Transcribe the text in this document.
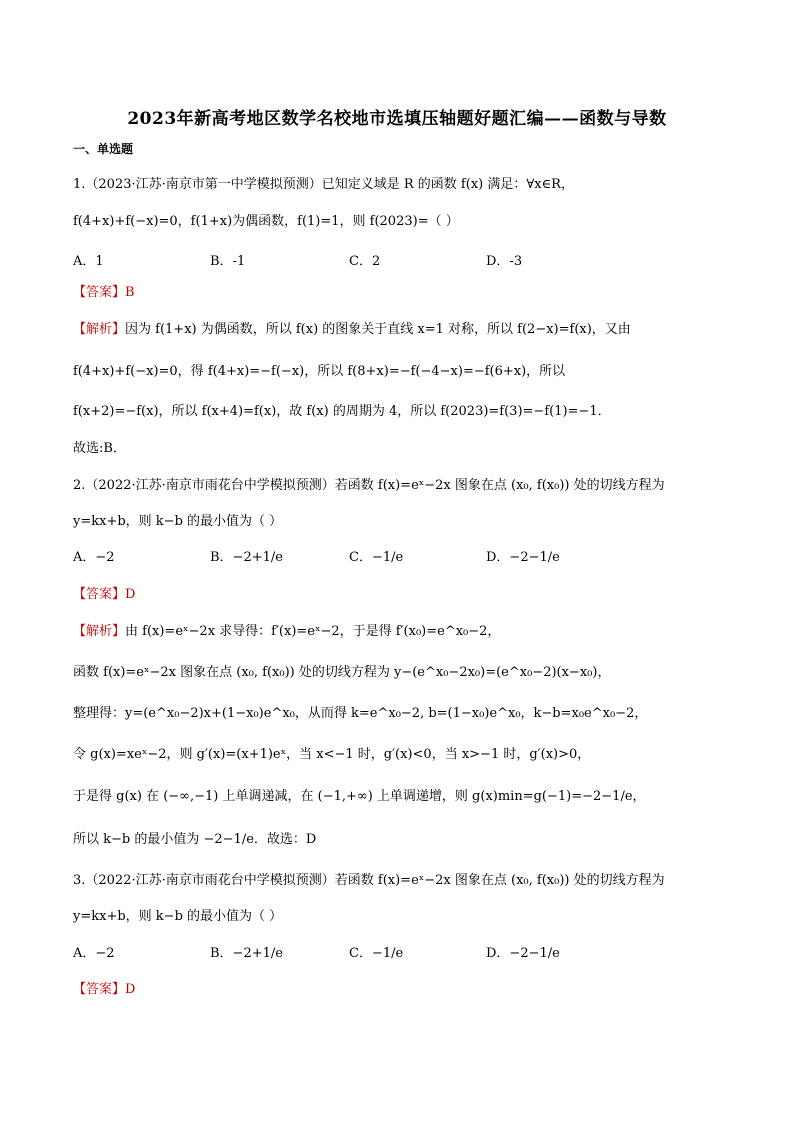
2023年新高考地区数学名校地市选填压轴题好题汇编——函数与导数
一、单选题
1.（2023·江苏·南京市第一中学模拟预测）已知定义域是 R 的函数 f(x) 满足：∀x∈R，
f(4+x)+f(−x)=0，f(1+x)为偶函数，f(1)=1，则 f(2023)=（ ）
A．1	B．-1	C．2	D．-3
【答案】B
【解析】因为 f(1+x) 为偶函数，所以 f(x) 的图象关于直线 x=1 对称，所以 f(2−x)=f(x)，又由
f(4+x)+f(−x)=0，得 f(4+x)=−f(−x)，所以 f(8+x)=−f(−4−x)=−f(6+x)，所以
f(x+2)=−f(x)，所以 f(x+4)=f(x)，故 f(x) 的周期为 4，所以 f(2023)=f(3)=−f(1)=−1．
故选:B．
2.（2022·江苏·南京市雨花台中学模拟预测）若函数 f(x)=eˣ−2x 图象在点 (x₀, f(x₀)) 处的切线方程为
y=kx+b，则 k−b 的最小值为（ ）
A．−2	B．−2+1/e	C．−1/e	D．−2−1/e
【答案】D
【解析】由 f(x)=eˣ−2x 求导得：f′(x)=eˣ−2，于是得 f′(x₀)=e^x₀−2，
函数 f(x)=eˣ−2x 图象在点 (x₀, f(x₀)) 处的切线方程为 y−(e^x₀−2x₀)=(e^x₀−2)(x−x₀)，
整理得：y=(e^x₀−2)x+(1−x₀)e^x₀，从而得 k=e^x₀−2, b=(1−x₀)e^x₀，k−b=x₀e^x₀−2，
令 g(x)=xeˣ−2，则 g′(x)=(x+1)eˣ，当 x<−1 时，g′(x)<0，当 x>−1 时，g′(x)>0，
于是得 g(x) 在 (−∞,−1) 上单调递减，在 (−1,+∞) 上单调递增，则 g(x)min=g(−1)=−2−1/e，
所以 k−b 的最小值为 −2−1/e．故选：D
3.（2022·江苏·南京市雨花台中学模拟预测）若函数 f(x)=eˣ−2x 图象在点 (x₀, f(x₀)) 处的切线方程为
y=kx+b，则 k−b 的最小值为（ ）
A．−2	B．−2+1/e	C．−1/e	D．−2−1/e
【答案】D
